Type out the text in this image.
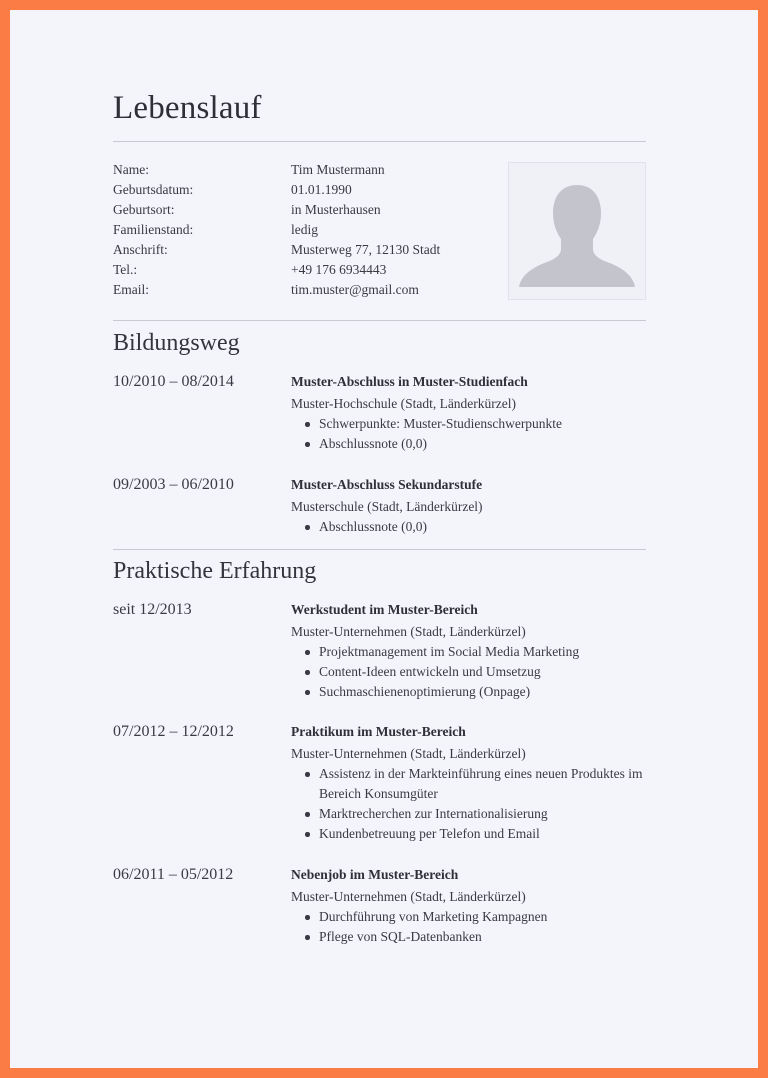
Lebenslauf
Name:	Tim Mustermann
Geburtsdatum:	01.01.1990
Geburtsort:	in Musterhausen
Familienstand:	ledig
Anschrift:	Musterweg 77, 12130 Stadt
Tel.:	+49 176 6934443
Email:	tim.muster@gmail.com
Bildungsweg
10/2010 – 08/2014	Muster-Abschluss in Muster-Studienfach
Muster-Hochschule (Stadt, Länderkürzel)
Schwerpunkte: Muster-Studienschwerpunkte
Abschlussnote (0,0)
09/2003 – 06/2010	Muster-Abschluss Sekundarstufe
Musterschule (Stadt, Länderkürzel)
Abschlussnote (0,0)
Praktische Erfahrung
seit 12/2013	Werkstudent im Muster-Bereich
Muster-Unternehmen (Stadt, Länderkürzel)
Projektmanagement im Social Media Marketing
Content-Ideen entwickeln und Umsetzug
Suchmaschienenoptimierung (Onpage)
07/2012 – 12/2012	Praktikum im Muster-Bereich
Muster-Unternehmen (Stadt, Länderkürzel)
Assistenz in der Markteinführung eines neuen Produktes im Bereich Konsumgüter
Marktrecherchen zur Internationalisierung
Kundenbetreuung per Telefon und Email
06/2011 – 05/2012	Nebenjob im Muster-Bereich
Muster-Unternehmen (Stadt, Länderkürzel)
Durchführung von Marketing Kampagnen
Pflege von SQL-Datenbanken
